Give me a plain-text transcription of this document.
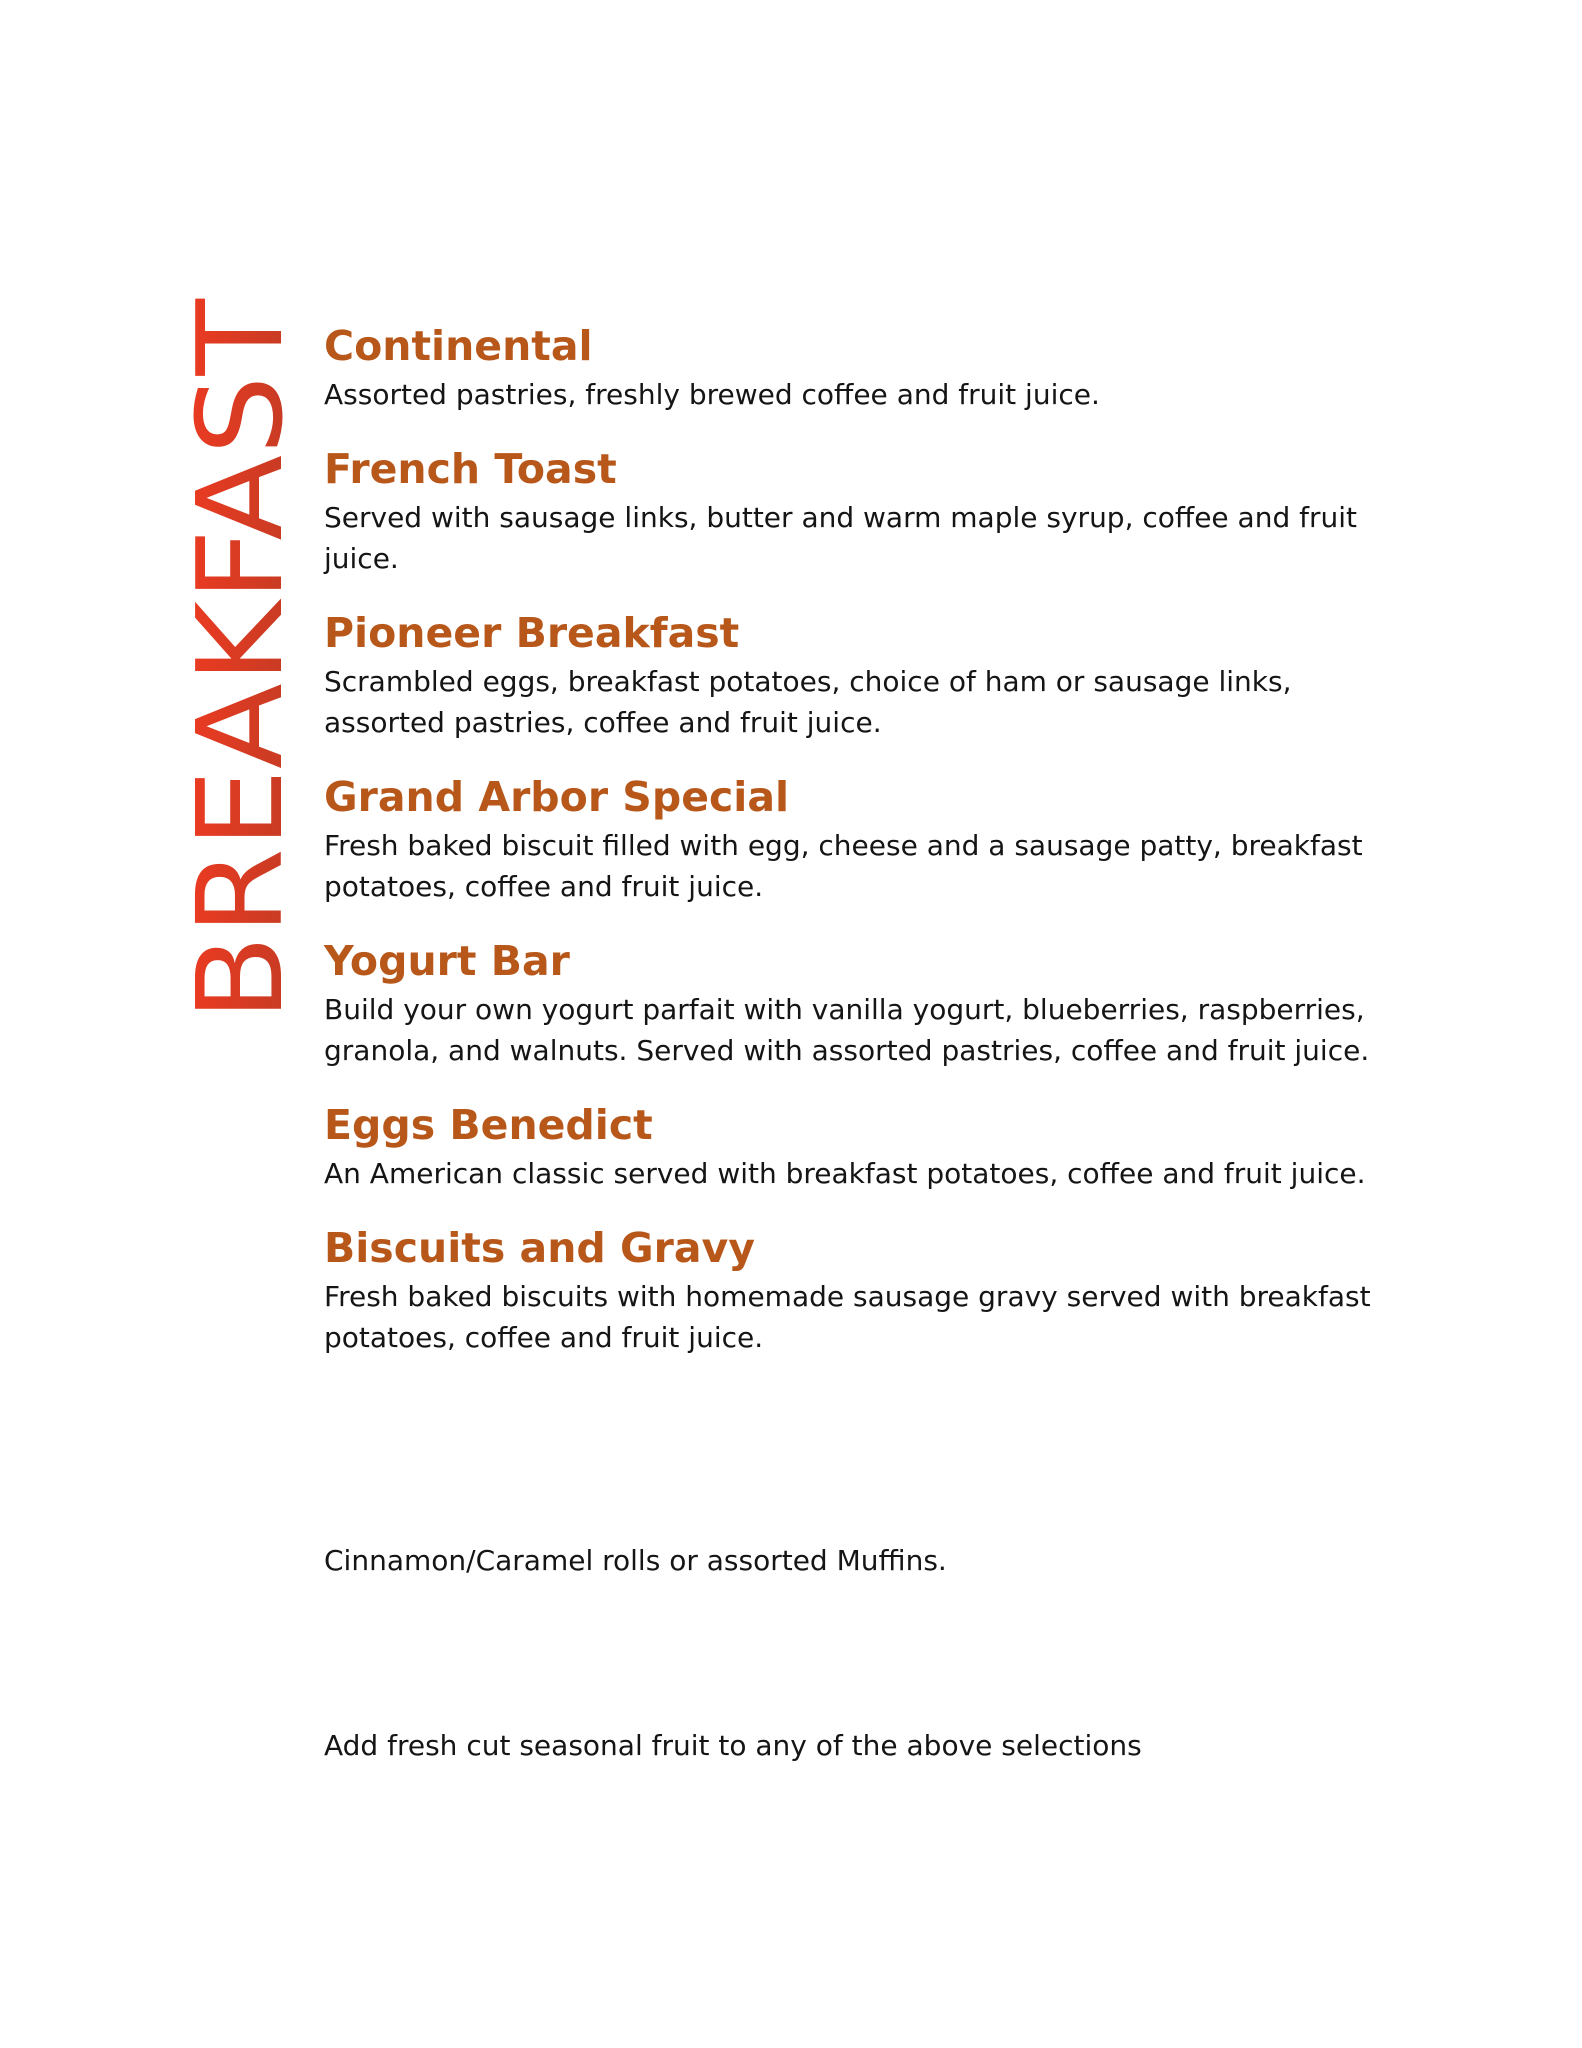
BREAKFAST Continental

Assorted pastries, freshly brewed coffee and fruit juice.

French Toast

Served with sausage links, butter and warm maple syrup, coffee and fruit juice.

Pioneer Breakfast

Scrambled eggs, breakfast potatoes, choice of ham or sausage links, assorted pastries, coffee and fruit juice.

Grand Arbor Special

Fresh baked biscuit filled with egg, cheese and a sausage patty, breakfast potatoes, coffee and fruit juice.

Yogurt Bar

Build your own yogurt parfait with vanilla yogurt, blueberries, raspberries, granola, and walnuts. Served with assorted pastries, coffee and fruit juice.

Eggs Benedict

An American classic served with breakfast potatoes, coffee and fruit juice.

Biscuits and Gravy

Fresh baked biscuits with homemade sausage gravy served with breakfast potatoes, coffee and fruit juice.

Cinnamon/Caramel rolls or assorted Muffins.

Add fresh cut seasonal fruit to any of the above selections
